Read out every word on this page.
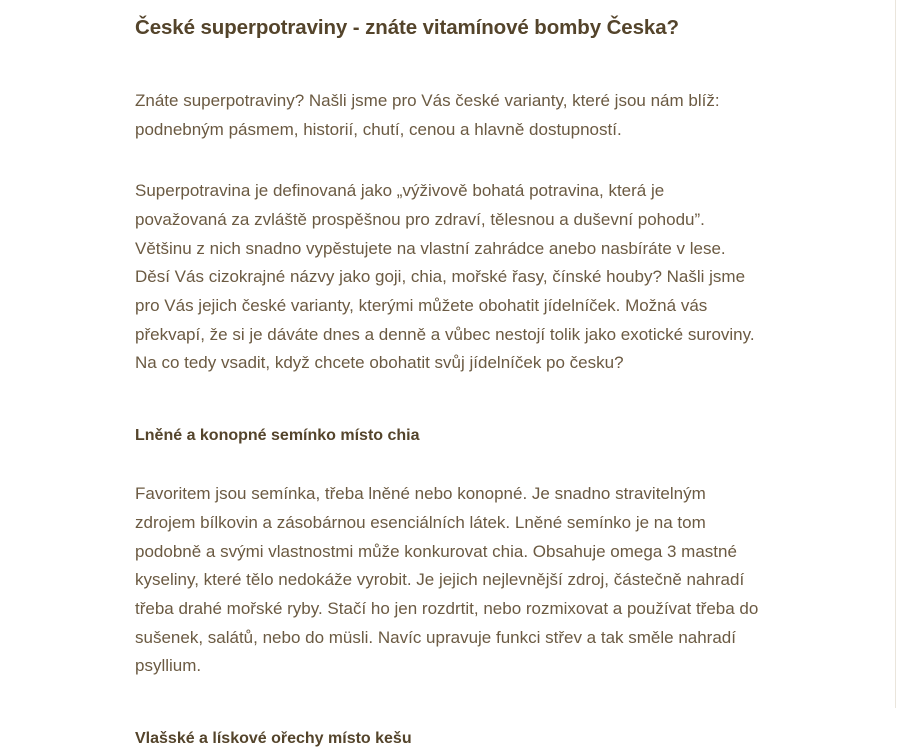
České superpotraviny - znáte vitamínové bomby Česka?

Znáte superpotraviny? Našli jsme pro Vás české varianty, které jsou nám blíž: podnebným pásmem, historií, chutí, cenou a hlavně dostupností.

Superpotravina je definovaná jako „výživově bohatá potravina, která je považovaná za zvláště prospěšnou pro zdraví, tělesnou a duševní pohodu”. Většinu z nich snadno vypěstujete na vlastní zahrádce anebo nasbíráte v lese. Děsí Vás cizokrajné názvy jako goji, chia, mořské řasy, čínské houby? Našli jsme pro Vás jejich české varianty, kterými můžete obohatit jídelníček. Možná vás překvapí, že si je dáváte dnes a denně a vůbec nestojí tolik jako exotické suroviny. Na co tedy vsadit, když chcete obohatit svůj jídelníček po česku?

Lněné a konopné semínko místo chia

Favoritem jsou semínka, třeba lněné nebo konopné. Je snadno stravitelným zdrojem bílkovin a zásobárnou esenciálních látek. Lněné semínko je na tom podobně a svými vlastnostmi může konkurovat chia. Obsahuje omega 3 mastné kyseliny, které tělo nedokáže vyrobit. Je jejich nejlevnější zdroj, částečně nahradí třeba drahé mořské ryby. Stačí ho jen rozdrtit, nebo rozmixovat a používat třeba do sušenek, salátů, nebo do müsli. Navíc upravuje funkci střev a tak směle nahradí psyllium.

Vlašské a lískové ořechy místo kešu
